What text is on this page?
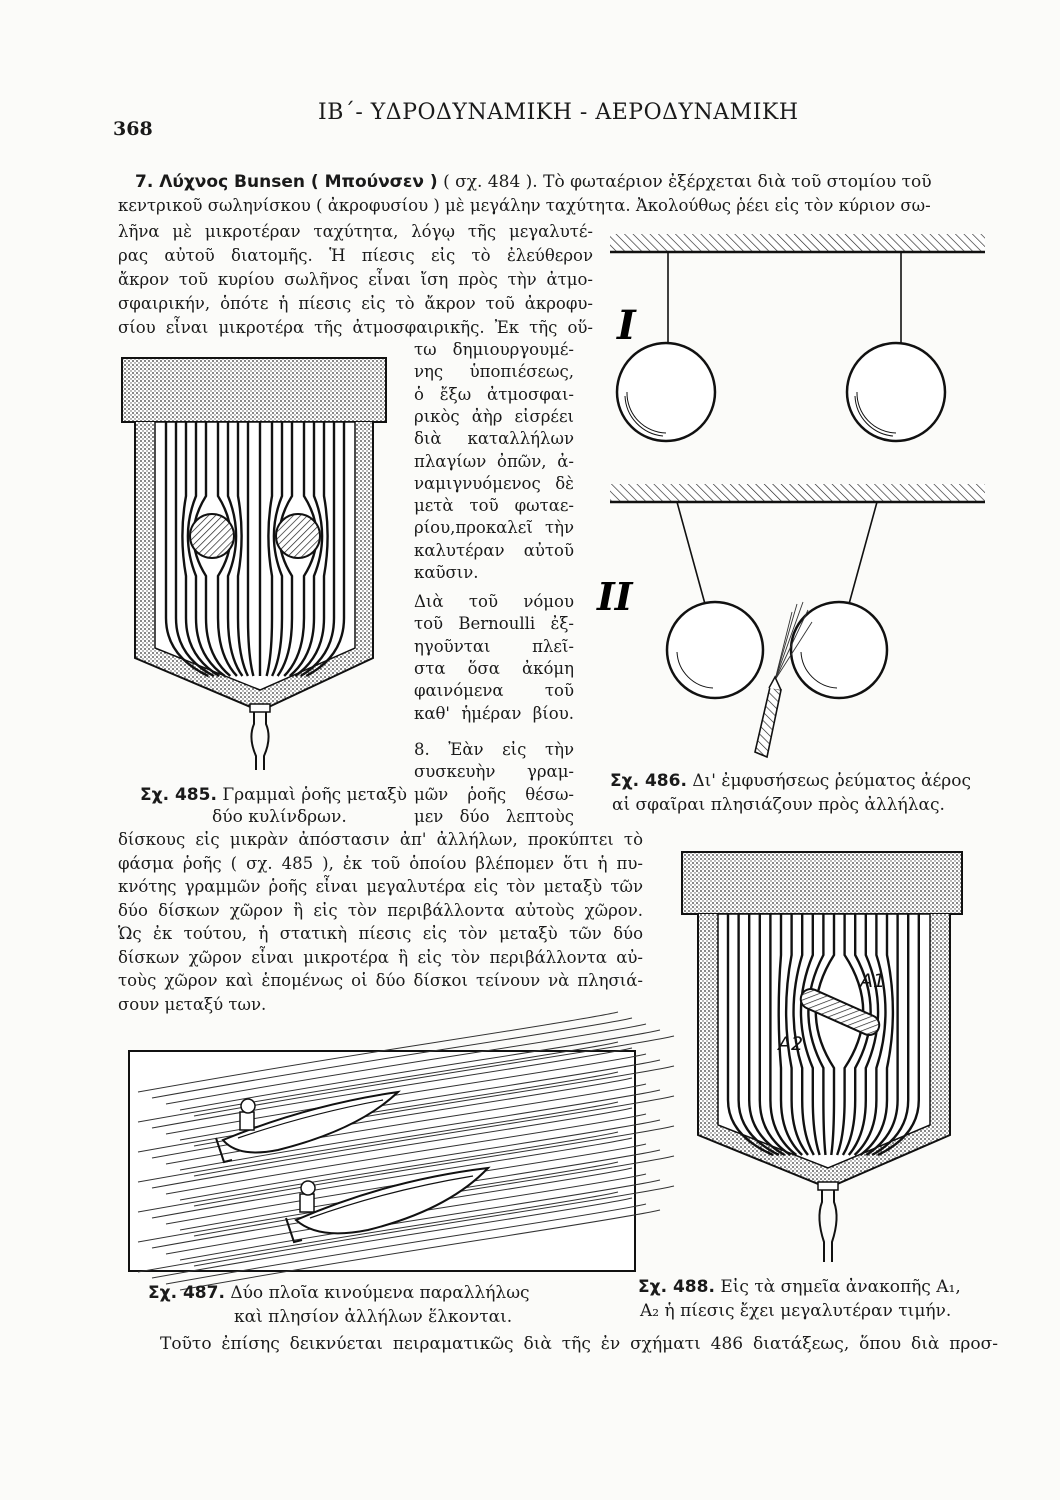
368
ΙΒ΄- ΥΔΡΟΔΥΝΑΜΙΚΗ - ΑΕΡΟΔΥΝΑΜΙΚΗ
7. Λύχνος Bunsen ( Μπούνσεν ) ( σχ. 484 ). Τὸ φωταέριον ἐξέρχεται διὰ τοῦ στομίου τοῦ
κεντρικοῦ σωληνίσκου ( ἀκροφυσίου ) μὲ μεγάλην ταχύτητα. Ἀκολούθως ῥέει εἰς τὸν κύριον σω-
λῆνα μὲ μικροτέραν ταχύτητα, λόγῳ τῆς μεγαλυτέ-
ρας αὐτοῦ διατομῆς. Ἡ πίεσις εἰς τὸ ἐλεύθερον
ἄκρον τοῦ κυρίου σωλῆνος εἶναι ἴση πρὸς τὴν ἀτμο-
σφαιρικήν, ὁπότε ἡ πίεσις εἰς τὸ ἄκρον τοῦ ἀκροφυ-
σίου εἶναι μικροτέρα τῆς ἀτμοσφαιρικῆς. Ἐκ τῆς οὕ-
τω δημιουργουμέ-
νης ὑποπιέσεως,
ὁ ἔξω ἀτμοσφαι-
ρικὸς ἀὴρ εἰσρέει
διὰ καταλλήλων
πλαγίων ὀπῶν, ἀ-
ναμιγνυόμενος δὲ
μετὰ τοῦ φωταε-
ρίου,προκαλεῖ τὴν
καλυτέραν αὐτοῦ
καῦσιν.
Διὰ τοῦ νόμου
τοῦ Bernoulli ἐξ-
ηγοῦνται πλεῖ-
στα ὅσα ἀκόμη
φαινόμενα τοῦ
καθ' ἡμέραν βίου.
8. Ἐὰν εἰς τὴν
συσκευὴν γραμ-
μῶν ῥοῆς θέσω-
μεν δύο λεπτοὺς
δίσκους εἰς μικρὰν ἀπόστασιν ἀπ' ἀλλήλων, προκύπτει τὸ
φάσμα ῥοῆς ( σχ. 485 ), ἐκ τοῦ ὁποίου βλέπομεν ὅτι ἡ πυ-
κνότης γραμμῶν ῥοῆς εἶναι μεγαλυτέρα εἰς τὸν μεταξὺ τῶν
δύο δίσκων χῶρον ἢ εἰς τὸν περιβάλλοντα αὐτοὺς χῶρον.
Ὡς ἐκ τούτου, ἡ στατικὴ πίεσις εἰς τὸν μεταξὺ τῶν δύο
δίσκων χῶρον εἶναι μικροτέρα ἢ εἰς τὸν περιβάλλοντα αὐ-
τοὺς χῶρον καὶ ἑπομένως οἱ δύο δίσκοι τείνουν νὰ πλησιά-
σουν μεταξύ των.
I
II
Σχ. 485. Γραμμαὶ ῥοῆς μεταξὺ
δύο κυλίνδρων.
Σχ. 486. Δι' ἐμφυσήσεως ῥεύματος ἀέρος
αἱ σφαῖραι πλησιάζουν πρὸς ἀλλήλας.
A1
A2
Σχ. 487. Δύο πλοῖα κινούμενα παραλλήλως
καὶ πλησίον ἀλλήλων ἕλκονται.
Σχ. 488. Εἰς τὰ σημεῖα ἀνακοπῆς A₁,
A₂ ἡ πίεσις ἔχει μεγαλυτέραν τιμήν.
Τοῦτο ἐπίσης δεικνύεται πειραματικῶς διὰ τῆς ἐν σχήματι 486 διατάξεως, ὅπου διὰ προσ-
